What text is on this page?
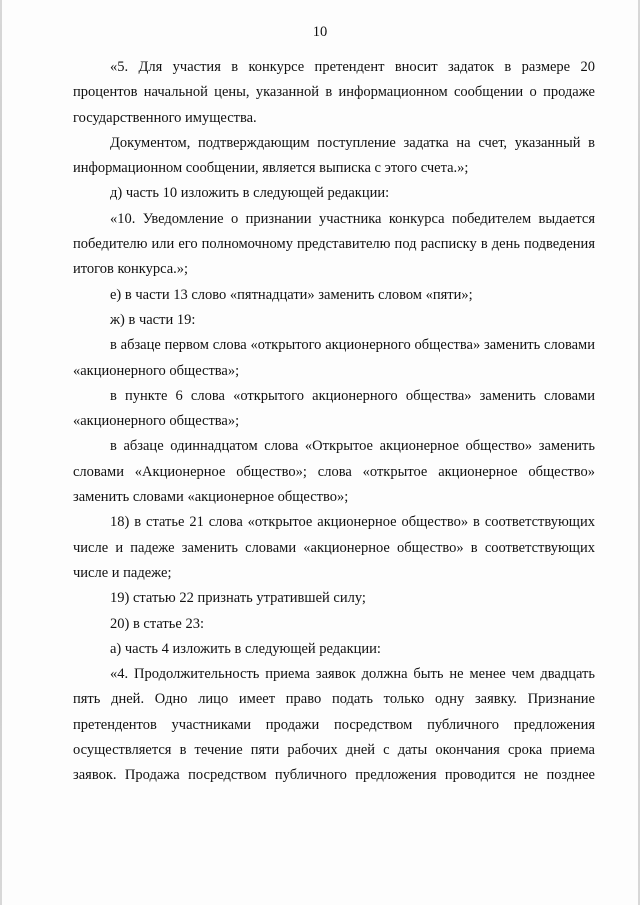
10

«5. Для участия в конкурсе претендент вносит задаток в размере 20 процентов начальной цены, указанной в информационном сообщении о продаже государственного имущества.

Документом, подтверждающим поступление задатка на счет, указанный в информационном сообщении, является выписка с этого счета.»;

д) часть 10 изложить в следующей редакции:

«10. Уведомление о признании участника конкурса победителем выдается победителю или его полномочному представителю под расписку в день подведения итогов конкурса.»;

е) в части 13 слово «пятнадцати» заменить словом «пяти»;

ж) в части 19:

в абзаце первом слова «открытого акционерного общества» заменить словами «акционерного общества»;

в пункте 6 слова «открытого акционерного общества» заменить словами «акционерного общества»;

в абзаце одиннадцатом слова «Открытое акционерное общество» заменить словами «Акционерное общество»; слова «открытое акционерное общество» заменить словами «акционерное общество»;

18) в статье 21 слова «открытое акционерное общество» в соответствующих числе и падеже заменить словами «акционерное общество» в соответствующих числе и падеже;

19) статью 22 признать утратившей силу;

20) в статье 23:

а) часть 4 изложить в следующей редакции:

«4. Продолжительность приема заявок должна быть не менее чем двадцать пять дней. Одно лицо имеет право подать только одну заявку. Признание претендентов участниками продажи посредством публичного предложения осуществляется в течение пяти рабочих дней с даты окончания срока приема заявок. Продажа посредством публичного предложения проводится не позднее
